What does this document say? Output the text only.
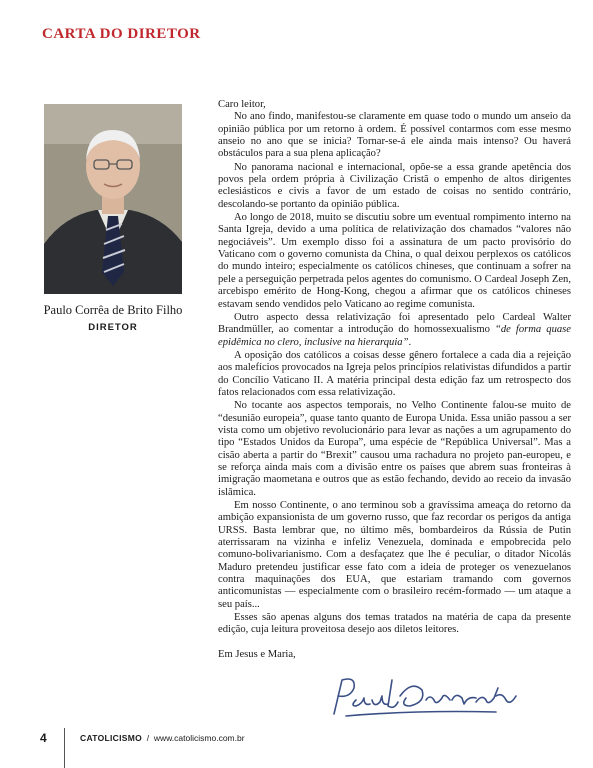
CARTA DO DIRETOR
Paulo Corrêa de Brito Filho
DIRETOR

Caro leitor,

No ano findo, manifestou-se claramente em quase todo o mundo um anseio da opinião pública por um retorno à ordem. É possível contarmos com esse mesmo anseio no ano que se inicia? Tornar-se-á ele ainda mais intenso? Ou haverá obstáculos para a sua plena aplicação?

No panorama nacional e internacional, opõe-se a essa grande apetência dos povos pela ordem própria à Civilização Cristã o empenho de altos dirigentes eclesiásticos e civis a favor de um estado de coisas no sentido contrário, descolando-se portanto da opinião pública.

Ao longo de 2018, muito se discutiu sobre um eventual rompimento interno na Santa Igreja, devido a uma política de relativização dos chamados “valores não negociáveis”. Um exemplo disso foi a assinatura de um pacto provisório do Vaticano com o governo comunista da China, o qual deixou perplexos os católicos do mundo inteiro; especialmente os católicos chineses, que continuam a sofrer na pele a perseguição perpetrada pelos agentes do comunismo. O Cardeal Joseph Zen, arcebispo emérito de Hong-Kong, chegou a afirmar que os católicos chineses estavam sendo vendidos pelo Vaticano ao regime comunista.

Outro aspecto dessa relativização foi apresentado pelo Cardeal Walter Brandmüller, ao comentar a introdução do homossexualismo “de forma quase epidêmica no clero, inclusive na hierarquia”.

A oposição dos católicos a coisas desse gênero fortalece a cada dia a rejeição aos malefícios provocados na Igreja pelos princípios relativistas difundidos a partir do Concílio Vaticano II. A matéria principal desta edição faz um retrospecto dos fatos relacionados com essa relativização.

No tocante aos aspectos temporais, no Velho Continente falou-se muito de “desunião europeia”, quase tanto quanto de Europa Unida. Essa união passou a ser vista como um objetivo revolucionário para levar as nações a um agrupamento do tipo “Estados Unidos da Europa”, uma espécie de “República Universal”. Mas a cisão aberta a partir do “Brexit” causou uma rachadura no projeto pan-europeu, e se reforça ainda mais com a divisão entre os países que abrem suas fronteiras à imigração maometana e outros que as estão fechando, devido ao receio da invasão islâmica.

Em nosso Continente, o ano terminou sob a gravíssima ameaça do retorno da ambição expansionista de um governo russo, que faz recordar os perigos da antiga URSS. Basta lembrar que, no último mês, bombardeiros da Rússia de Putin aterrissaram na vizinha e infeliz Venezuela, dominada e empobrecida pelo comuno-bolivarianismo. Com a desfaçatez que lhe é peculiar, o ditador Nicolás Maduro pretendeu justificar esse fato com a ideia de proteger os venezuelanos contra maquinações dos EUA, que estariam tramando com governos anticomunistas — especialmente com o brasileiro recém-formado — um ataque a seu país...

Esses são apenas alguns dos temas tratados na matéria de capa da presente edição, cuja leitura proveitosa desejo aos diletos leitores.

Em Jesus e Maria,

4	CATOLICISMO / www.catolicismo.com.br
